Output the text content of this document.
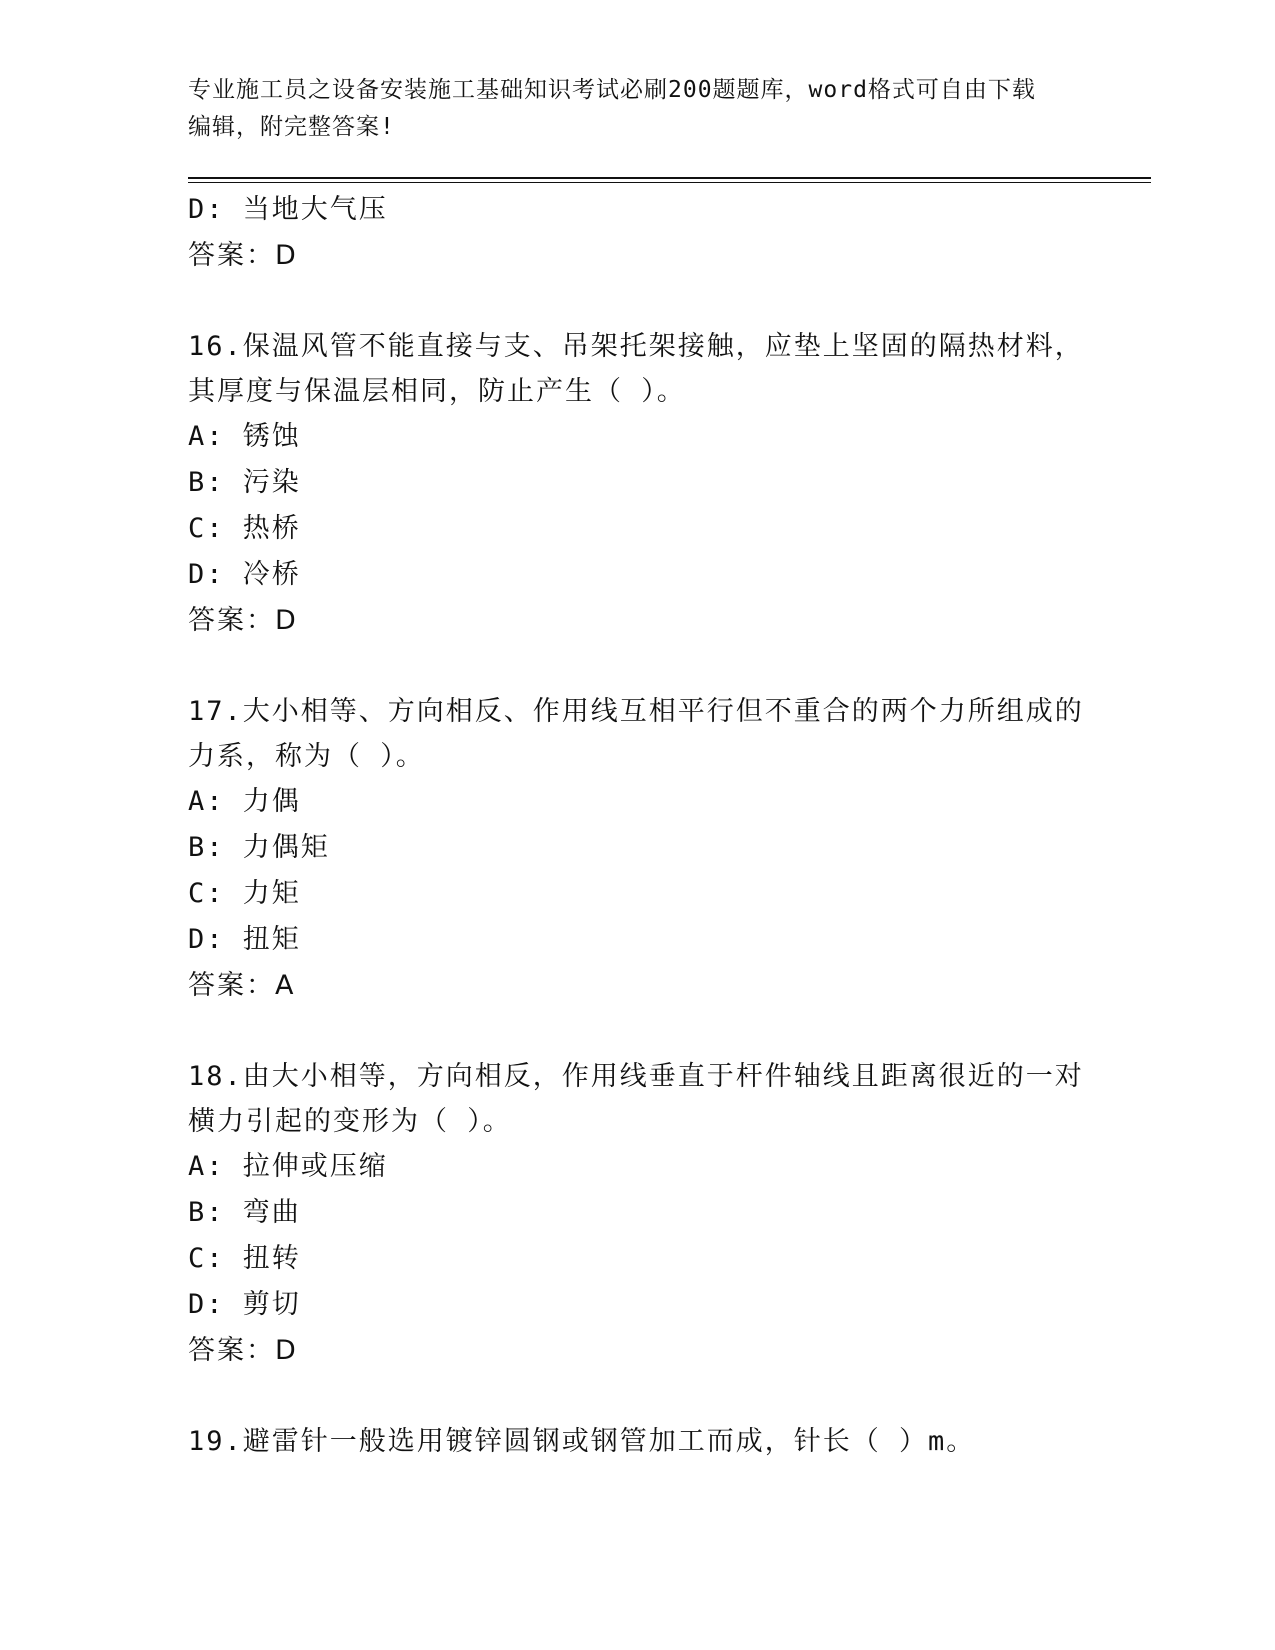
专业施工员之设备安装施工基础知识考试必刷200题题库，word格式可自由下载
编辑，附完整答案!
D: 当地大气压
答案：D
16.保温风管不能直接与支、吊架托架接触，应垫上坚固的隔热材料，
其厚度与保温层相同，防止产生（ ）。
A: 锈蚀
B: 污染
C: 热桥
D: 冷桥
答案：D
17.大小相等、方向相反、作用线互相平行但不重合的两个力所组成的
力系，称为（ ）。
A: 力偶
B: 力偶矩
C: 力矩
D: 扭矩
答案：A
18.由大小相等，方向相反，作用线垂直于杆件轴线且距离很近的一对
横力引起的变形为（ ）。
A: 拉伸或压缩
B: 弯曲
C: 扭转
D: 剪切
答案：D
19.避雷针一般选用镀锌圆钢或钢管加工而成，针长（ ）m。
